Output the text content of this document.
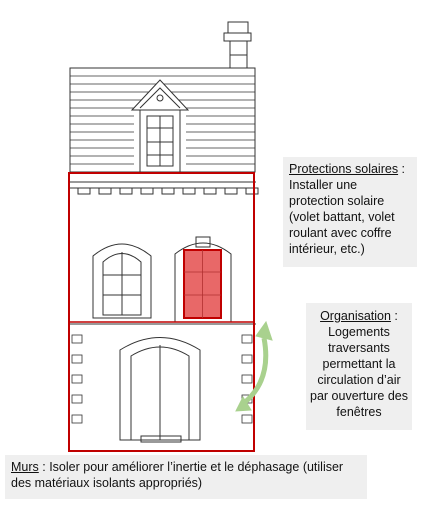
Protections solaires : Installer une protection solaire (volet battant, volet roulant avec coffre intérieur, etc.)
Organisation : Logements traversants permettant la circulation d’air par ouverture des fenêtres
Murs : Isoler pour améliorer l’inertie et le déphasage (utiliser des matériaux isolants appropriés)
